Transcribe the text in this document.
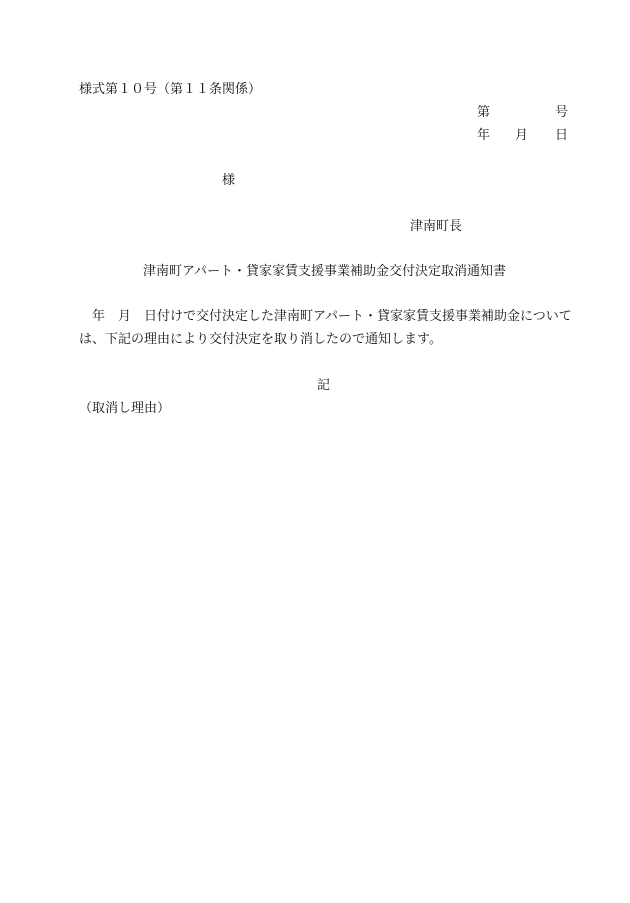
様式第１０号（第１１条関係）
第	号
年 月 日
様
津南町長
津南町アパート・貸家家賃支援事業補助金交付決定取消通知書
年　月　日付けで交付決定した津南町アパート・貸家家賃支援事業補助金について
は、下記の理由により交付決定を取り消したので通知します。
記
（取消し理由）
